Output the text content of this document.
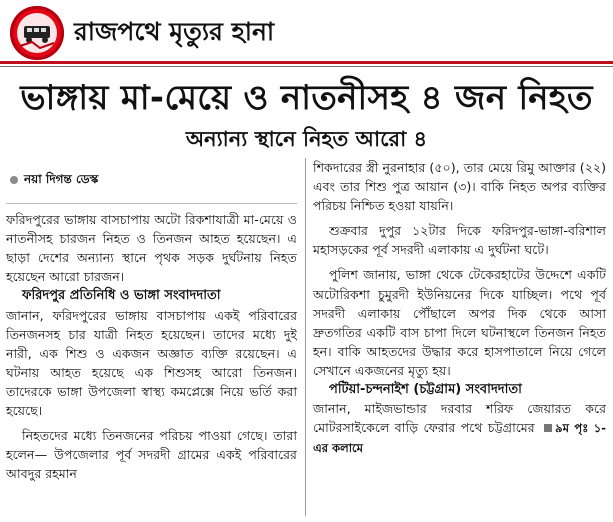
রাজপথে মৃত্যুর হানা
ভাঙ্গায় মা-মেয়ে ও নাতনীসহ ৪ জন নিহত
অন্যান্য স্থানে নিহত আরো ৪

নয়া দিগন্ত ডেস্ক

ফরিদপুরের ভাঙ্গায় বাসচাপায় অটো রিকশাযাত্রী মা-মেয়ে ও নাতনীসহ চারজন নিহত ও তিনজন আহত হয়েছেন। এ ছাড়া দেশের অন্যান্য স্থানে পৃথক সড়ক দুর্ঘটনায় নিহত হয়েছেন আরো চারজন।

ফরিদপুর প্রতিনিধি ও ভাঙ্গা সংবাদদাতা

জানান, ফরিদপুরের ভাঙ্গায় বাসচাপায় একই পরিবারের তিনজনসহ চার যাত্রী নিহত হয়েছেন। তাদের মধ্যে দুই নারী, এক শিশু ও একজন অজ্ঞাত ব্যক্তি রয়েছেন। এ ঘটনায় আহত হয়েছে এক শিশুসহ আরো তিনজন। তাদেরকে ভাঙ্গা উপজেলা স্বাস্থ্য কমপ্লেক্সে নিয়ে ভর্তি করা হয়েছে।

নিহতদের মধ্যে তিনজনের পরিচয় পাওয়া গেছে। তারা হলেন— উপজেলার পূর্ব সদরদী গ্রামের একই পরিবারের আবদুর রহমান

শিকদারের স্ত্রী নুরনাহার (৫০), তার মেয়ে রিমু আক্তার (২২) এবং তার শিশু পুত্র আয়ান (৩)। বাকি নিহত অপর ব্যক্তির পরিচয় নিশ্চিত হওয়া যায়নি।

শুক্রবার দুপুর ১২টার দিকে ফরিদপুর-ভাঙ্গা-বরিশাল মহাসড়কের পূর্ব সদরদী এলাকায় এ দুর্ঘটনা ঘটে।

পুলিশ জানায়, ভাঙ্গা থেকে টেকেরহাটের উদ্দেশে একটি অটোরিকশা চুমুরদী ইউনিয়নের দিকে যাচ্ছিল। পথে পূর্ব সদরদী এলাকায় পৌঁছালে অপর দিক থেকে আসা দ্রুতগতির একটি বাস চাপা দিলে ঘটনাস্থলে তিনজন নিহত হন। বাকি আহতদের উদ্ধার করে হাসপাতালে নিয়ে গেলে সেখানে একজনের মৃত্যু হয়।

পটিয়া-চন্দনাইশ (চট্টগ্রাম) সংবাদদাতা

জানান, মাইজভান্ডার দরবার শরিফ জেয়ারত করে মোটরসাইকেলে বাড়ি ফেরার পথে চট্টগ্রামের ৯ম পৃঃ ১-এর কলামে
